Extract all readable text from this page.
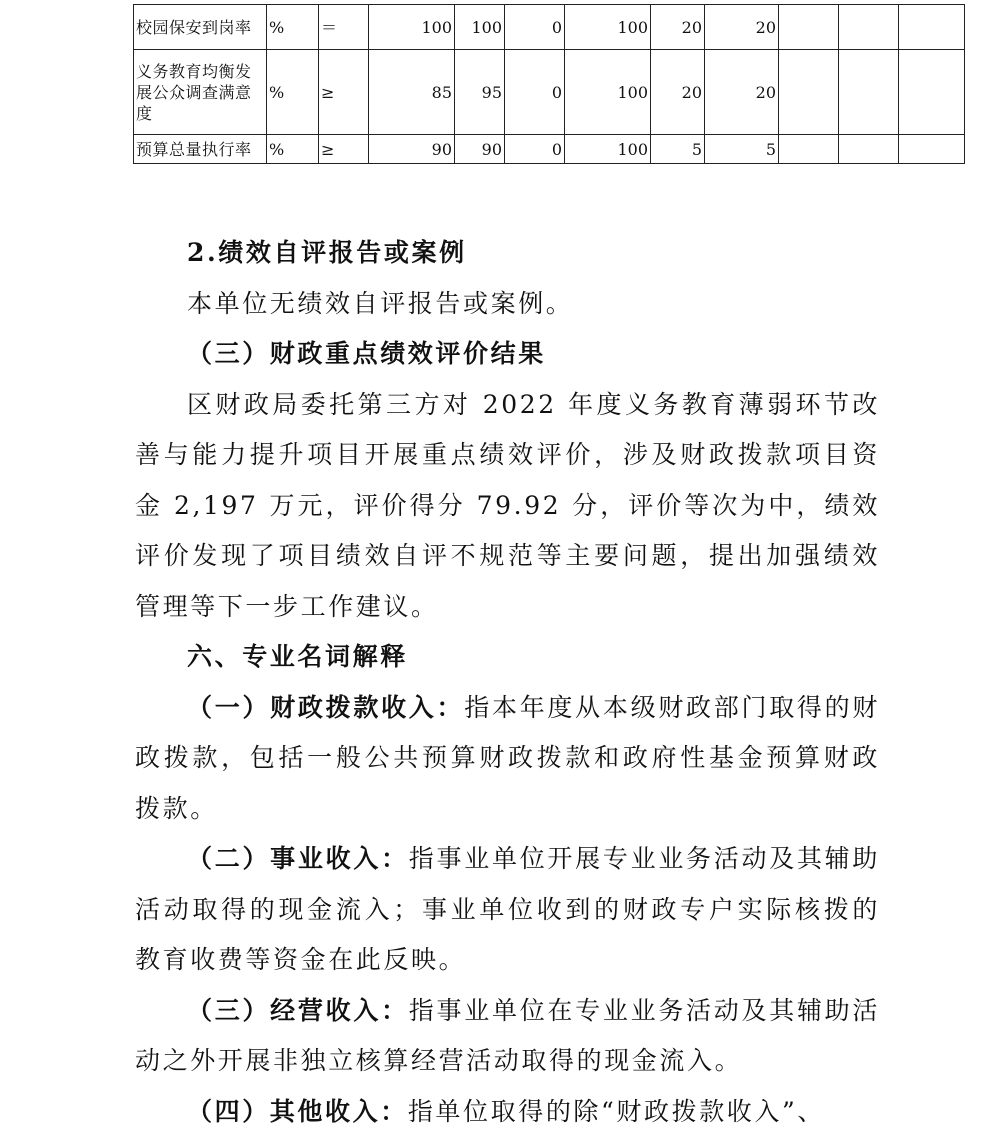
校园保安到岗率	%	＝	100	100	0	100	20	20			
义务教育均衡发展公众调查满意度	%	≥	85	95	0	100	20	20			
预算总量执行率	%	≥	90	90	0	100	5	5			

2.绩效自评报告或案例

本单位无绩效自评报告或案例。

（三）财政重点绩效评价结果

区财政局委托第三方对 2022 年度义务教育薄弱环节改善与能力提升项目开展重点绩效评价，涉及财政拨款项目资金 2,197 万元，评价得分 79.92 分，评价等次为中，绩效评价发现了项目绩效自评不规范等主要问题，提出加强绩效管理等下一步工作建议。

六、专业名词解释

（一）财政拨款收入：指本年度从本级财政部门取得的财政拨款，包括一般公共预算财政拨款和政府性基金预算财政拨款。

（二）事业收入：指事业单位开展专业业务活动及其辅助活动取得的现金流入；事业单位收到的财政专户实际核拨的教育收费等资金在此反映。

（三）经营收入：指事业单位在专业业务活动及其辅助活动之外开展非独立核算经营活动取得的现金流入。

（四）其他收入：指单位取得的除“财政拨款收入”、
